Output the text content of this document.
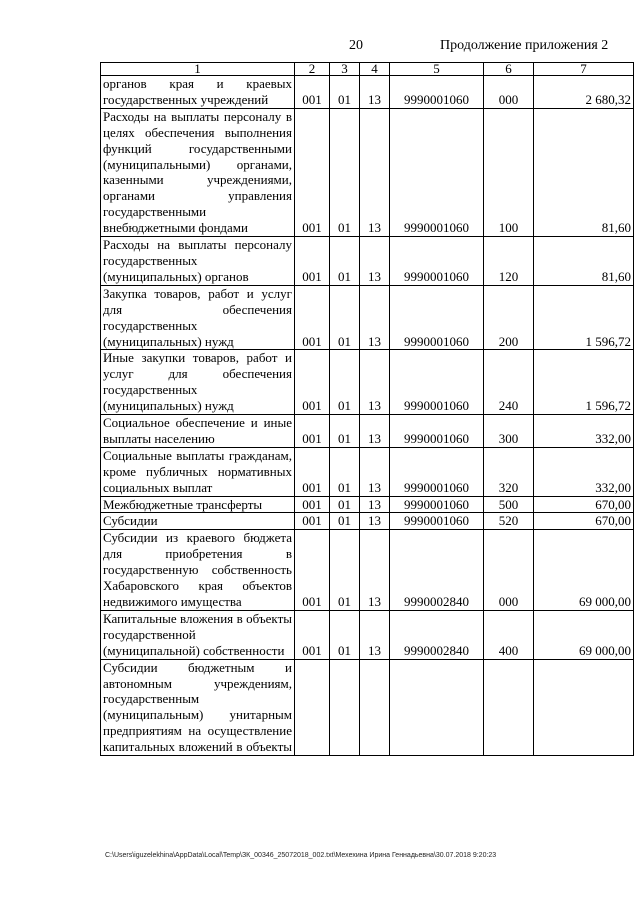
20	Продолжение приложения 2
1	2	3	4	5	6	7
органов края и краевых государственных учреждений	001	01	13	9990001060	000	2 680,32
Расходы на выплаты персоналу в целях обеспечения выполнения функций государственными (муниципальными) органами, казенными учреждениями, органами управления государственными внебюджетными фондами	001	01	13	9990001060	100	81,60
Расходы на выплаты персоналу государственных (муниципальных) органов	001	01	13	9990001060	120	81,60
Закупка товаров, работ и услуг для обеспечения государственных (муниципальных) нужд	001	01	13	9990001060	200	1 596,72
Иные закупки товаров, работ и услуг для обеспечения государственных (муниципальных) нужд	001	01	13	9990001060	240	1 596,72
Социальное обеспечение и иные выплаты населению	001	01	13	9990001060	300	332,00
Социальные выплаты гражданам, кроме публичных нормативных социальных выплат	001	01	13	9990001060	320	332,00
Межбюджетные трансферты	001	01	13	9990001060	500	670,00
Субсидии	001	01	13	9990001060	520	670,00
Субсидии из краевого бюджета для приобретения в государственную собственность Хабаровского края объектов недвижимого имущества	001	01	13	9990002840	000	69 000,00
Капитальные вложения в объекты государственной (муниципальной) собственности	001	01	13	9990002840	400	69 000,00
Субсидии бюджетным и автономным учреждениям, государственным (муниципальным) унитарным предприятиям на осуществление капитальных вложений в объекты						
C:\Users\iguzelekhina\AppData\Local\Temp\ЗК_00346_25072018_002.txt\Мехехина Ирина Геннадьевна\30.07.2018 9:20:23
